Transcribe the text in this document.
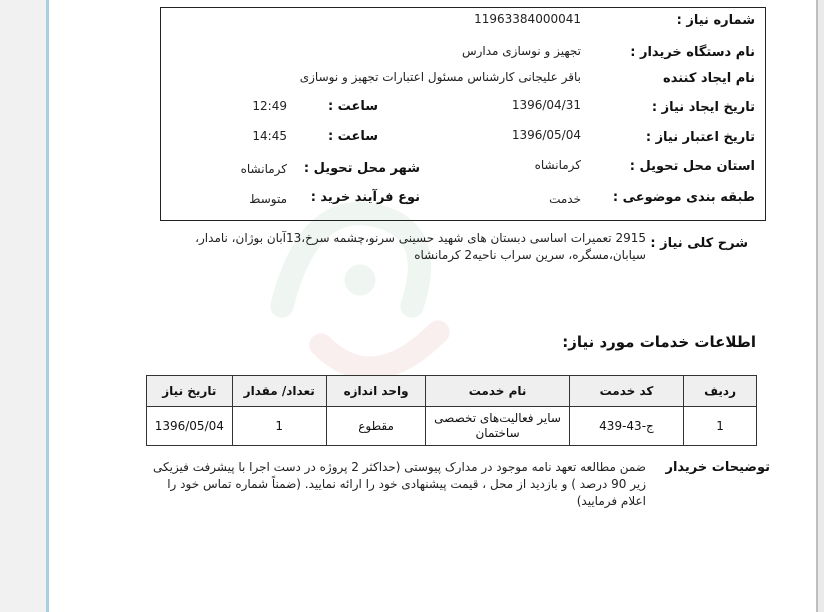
شماره نیاز :
11963384000041
نام دستگاه خریدار :
تجهیز و نوسازی مدارس
نام ایجاد کننده
باقر علیجانی کارشناس مسئول اعتبارات تجهیز و نوسازی
تاریخ ایجاد نیاز :
1396/04/31
ساعت :
12:49
تاریخ اعتبار نیاز :
1396/05/04
ساعت :
14:45
استان محل تحویل :
کرمانشاه
شهر محل تحویل :
کرمانشاه
طبقه بندی موضوعی :
خدمت
نوع فرآیند خرید :
متوسط
شرح کلی نیاز :
2915 تعمیرات اساسی دبستان های شهید حسینی سرنو،چشمه سرخ،13آبان بوژان، نامدار، سیابان،مسگره، سرین سراب ناحیه2 کرمانشاه
اطلاعات خدمات مورد نیاز:
ردیف	کد خدمت	نام خدمت	واحد اندازه	تعداد/ مقدار	تاریخ نیاز
1	ج-43-439	سایر فعالیت‌های تخصصی ساختمان	مقطوع	1	1396/05/04
توضیحات خریدار
ضمن مطالعه تعهد نامه موجود در مدارک پیوستی (حداکثر 2 پروژه در دست اجرا با پیشرفت فیزیکی زیر 90 درصد ) و بازدید از محل ، قیمت پیشنهادی خود را ارائه نمایید. (ضمناً شماره تماس خود را اعلام فرمایید)
